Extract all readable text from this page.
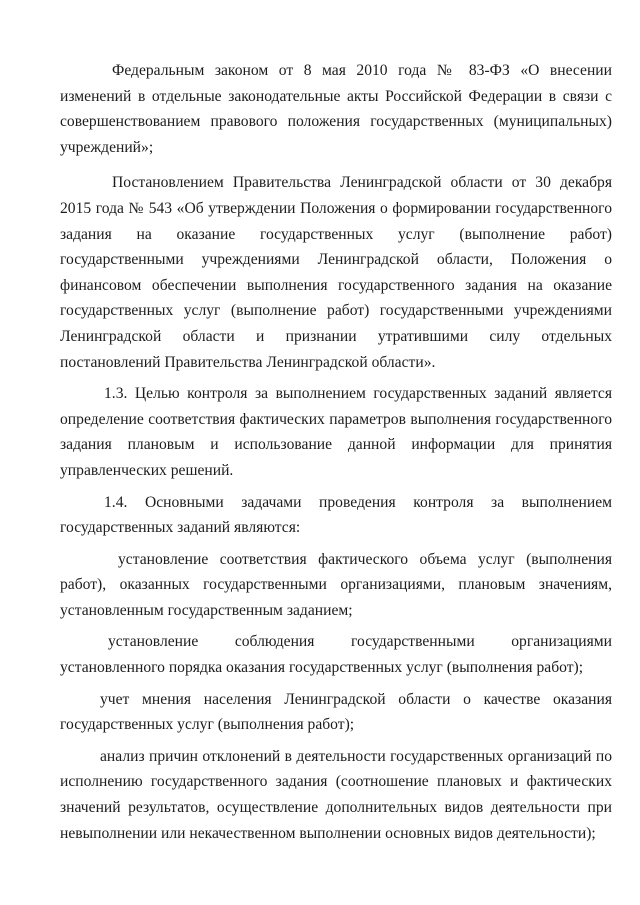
Федеральным законом от 8 мая 2010 года № 83-ФЗ «О внесении изменений в отдельные законодательные акты Российской Федерации в связи с совершенствованием правового положения государственных (муниципальных) учреждений»;

Постановлением Правительства Ленинградской области от 30 декабря 2015 года № 543 «Об утверждении Положения о формировании государственного задания на оказание государственных услуг (выполнение работ) государственными учреждениями Ленинградской области, Положения о финансовом обеспечении выполнения государственного задания на оказание государственных услуг (выполнение работ) государственными учреждениями Ленинградской области и признании утратившими силу отдельных постановлений Правительства Ленинградской области».

1.3. Целью контроля за выполнением государственных заданий является определение соответствия фактических параметров выполнения государственного задания плановым и использование данной информации для принятия управленческих решений.

1.4. Основными задачами проведения контроля за выполнением государственных заданий являются:

установление соответствия фактического объема услуг (выполнения работ), оказанных государственными организациями, плановым значениям, установленным государственным заданием;

установление соблюдения государственными организациями установленного порядка оказания государственных услуг (выполнения работ);

учет мнения населения Ленинградской области о качестве оказания государственных услуг (выполнения работ);

анализ причин отклонений в деятельности государственных организаций по исполнению государственного задания (соотношение плановых и фактических значений результатов, осуществление дополнительных видов деятельности при невыполнении или некачественном выполнении основных видов деятельности);
